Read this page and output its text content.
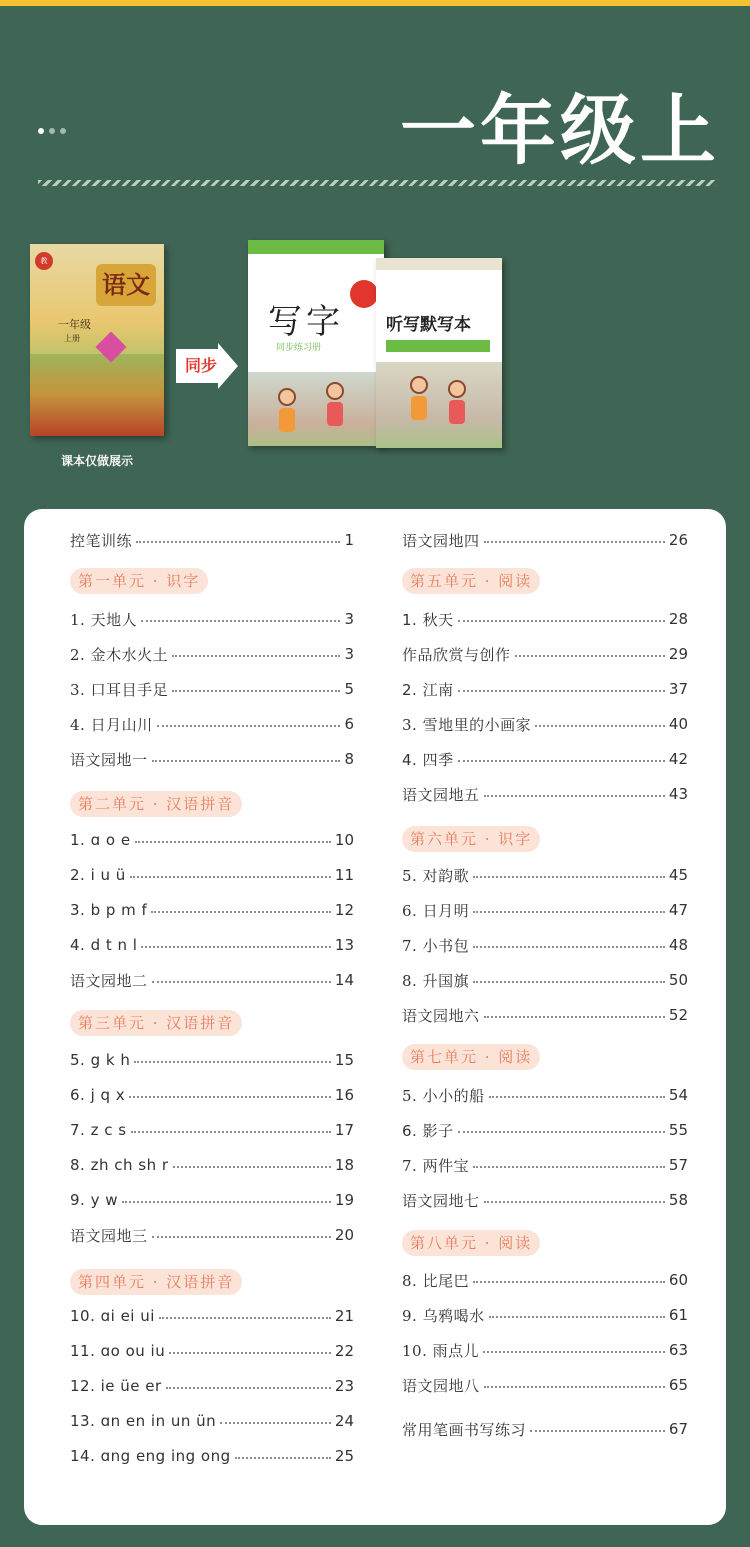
一年级上
教
语文
一年级
上册
课本仅做展示
同步
墨点字帖
写字
同步练习册
墨点字帖
听写默写本
控笔训练	1
第一单元 · 识字
1. 天地人	3
2. 金木水火土	3
3. 口耳目手足	5
4. 日月山川	6
语文园地一	8
第二单元 · 汉语拼音
1. ɑ o e	10
2. i u ü	11
3. b p m f	12
4. d t n l	13
语文园地二	14
第三单元 · 汉语拼音
5. g k h	15
6. j q x	16
7. z c s	17
8. zh ch sh r	18
9. y w	19
语文园地三	20
第四单元 · 汉语拼音
10. ɑi ei ui	21
11. ɑo ou iu	22
12. ie üe er	23
13. ɑn en in un ün	24
14. ɑng eng ing ong	25
语文园地四	26
第五单元 · 阅读
1. 秋天	28
作品欣赏与创作	29
2. 江南	37
3. 雪地里的小画家	40
4. 四季	42
语文园地五	43
第六单元 · 识字
5. 对韵歌	45
6. 日月明	47
7. 小书包	48
8. 升国旗	50
语文园地六	52
第七单元 · 阅读
5. 小小的船	54
6. 影子	55
7. 两件宝	57
语文园地七	58
第八单元 · 阅读
8. 比尾巴	60
9. 乌鸦喝水	61
10. 雨点儿	63
语文园地八	65
常用笔画书写练习	67
